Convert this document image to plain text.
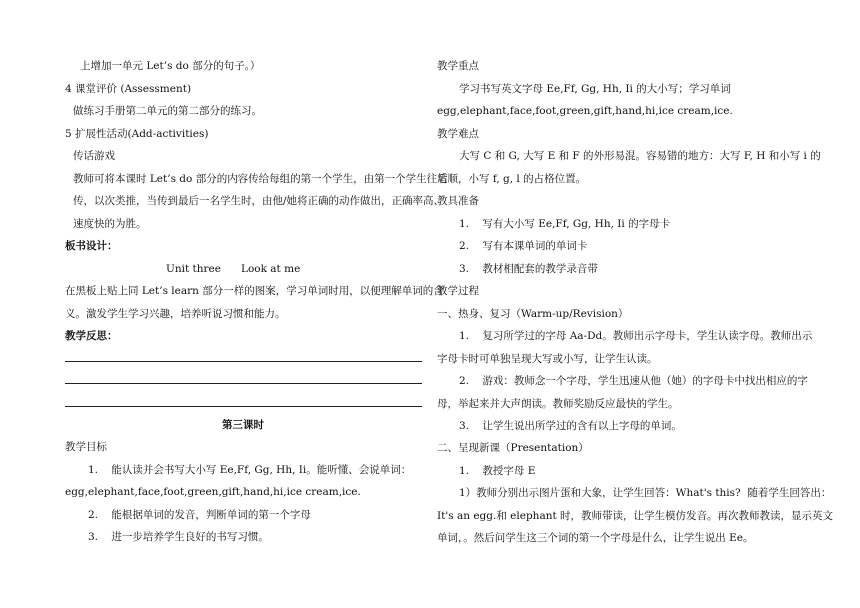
上增加一单元 Let’s do 部分的句子。）
4 课堂评价 (Assessment)
做练习手册第二单元的第二部分的练习。
5 扩展性活动(Add-activities)
传话游戏
教师可将本课时 Let’s do 部分的内容传给每组的第一个学生，由第一个学生往后
传，以次类推，当传到最后一名学生时，由他/她将正确的动作做出，正确率高、
速度快的为胜。
板书设计：
Unit three      Look at me
在黑板上贴上同 Let’s learn 部分一样的图案，学习单词时用，以便理解单词的含
义。激发学生学习兴趣，培养听说习惯和能力。
教学反思：
第三课时
教学目标
1.    能认读并会书写大小写 Ee,Ff, Gg, Hh, Ii。能听懂、会说单词：
egg,elephant,face,foot,green,gift,hand,hi,ice cream,ice.
2.    能根据单词的发音，判断单词的第一个字母
3.    进一步培养学生良好的书写习惯。
教学重点
学习书写英文字母 Ee,Ff, Gg, Hh, Ii 的大小写；学习单词
egg,elephant,face,foot,green,gift,hand,hi,ice cream,ice.
教学难点
大写 C 和 G, 大写 E 和 F 的外形易混。容易错的地方：大写 F, H 和小写 i 的
笔顺，小写 f, g, l 的占格位置。
教具准备
1.    写有大小写 Ee,Ff, Gg, Hh, Ii 的字母卡
2.    写有本课单词的单词卡
3.    教材相配套的教学录音带
教学过程
一、热身、复习（Warm-up/Revision）
1.    复习所学过的字母 Aa-Dd。教师出示字母卡，学生认读字母。教师出示
字母卡时可单独呈现大写或小写，让学生认读。
2.    游戏：教师念一个字母，学生迅速从他（她）的字母卡中找出相应的字
母，举起来并大声朗读。教师奖励反应最快的学生。
3.    让学生说出所学过的含有以上字母的单词。
二、呈现新课（Presentation）
1.    教授字母 E
1）教师分别出示图片蛋和大象，让学生回答：What's this?  随着学生回答出：
It's an egg.和 elephant 时，教师带读，让学生模仿发音。再次教师教读，显示英文
单词，。然后问学生这三个词的第一个字母是什么，让学生说出 Ee。
